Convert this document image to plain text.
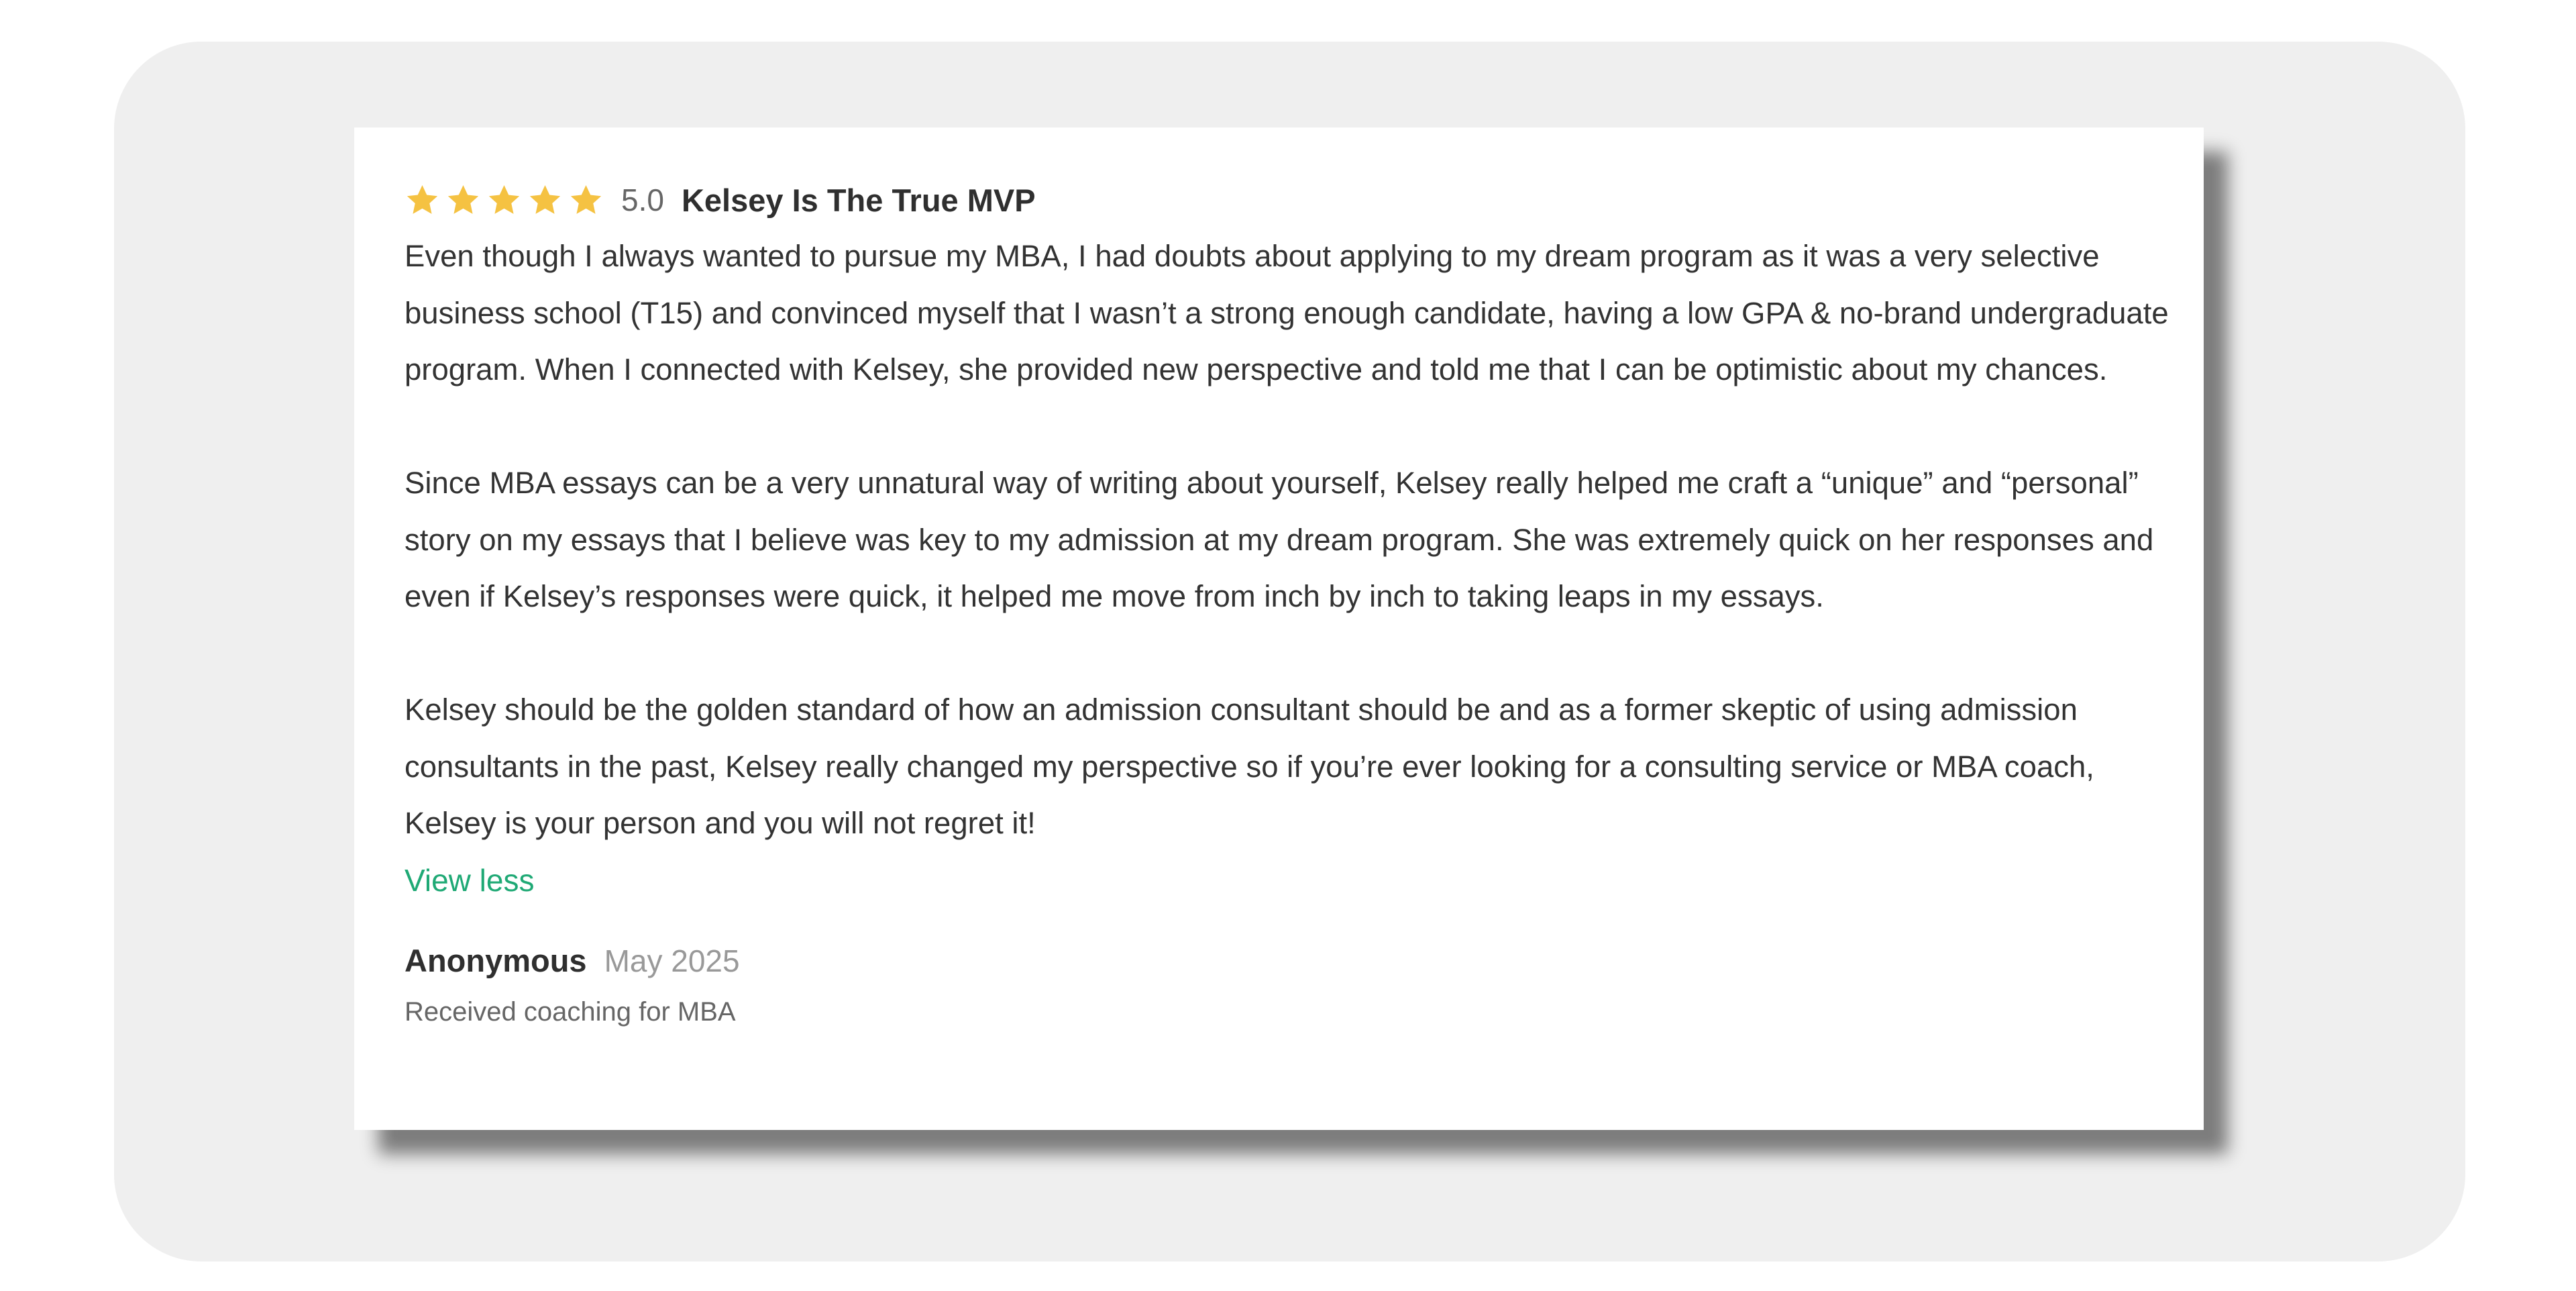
5.0 Kelsey Is The True MVP

Even though I always wanted to pursue my MBA, I had doubts about applying to my dream program as it was a very selective business school (T15) and convinced myself that I wasn’t a strong enough candidate, having a low GPA & no-brand undergraduate program. When I connected with Kelsey, she provided new perspective and told me that I can be optimistic about my chances.

Since MBA essays can be a very unnatural way of writing about yourself, Kelsey really helped me craft a “unique” and “personal” story on my essays that I believe was key to my admission at my dream program. She was extremely quick on her responses and even if Kelsey’s responses were quick, it helped me move from inch by inch to taking leaps in my essays.

Kelsey should be the golden standard of how an admission consultant should be and as a former skeptic of using admission consultants in the past, Kelsey really changed my perspective so if you’re ever looking for a consulting service or MBA coach, Kelsey is your person and you will not regret it!

View less
Anonymous May 2025
Received coaching for MBA
